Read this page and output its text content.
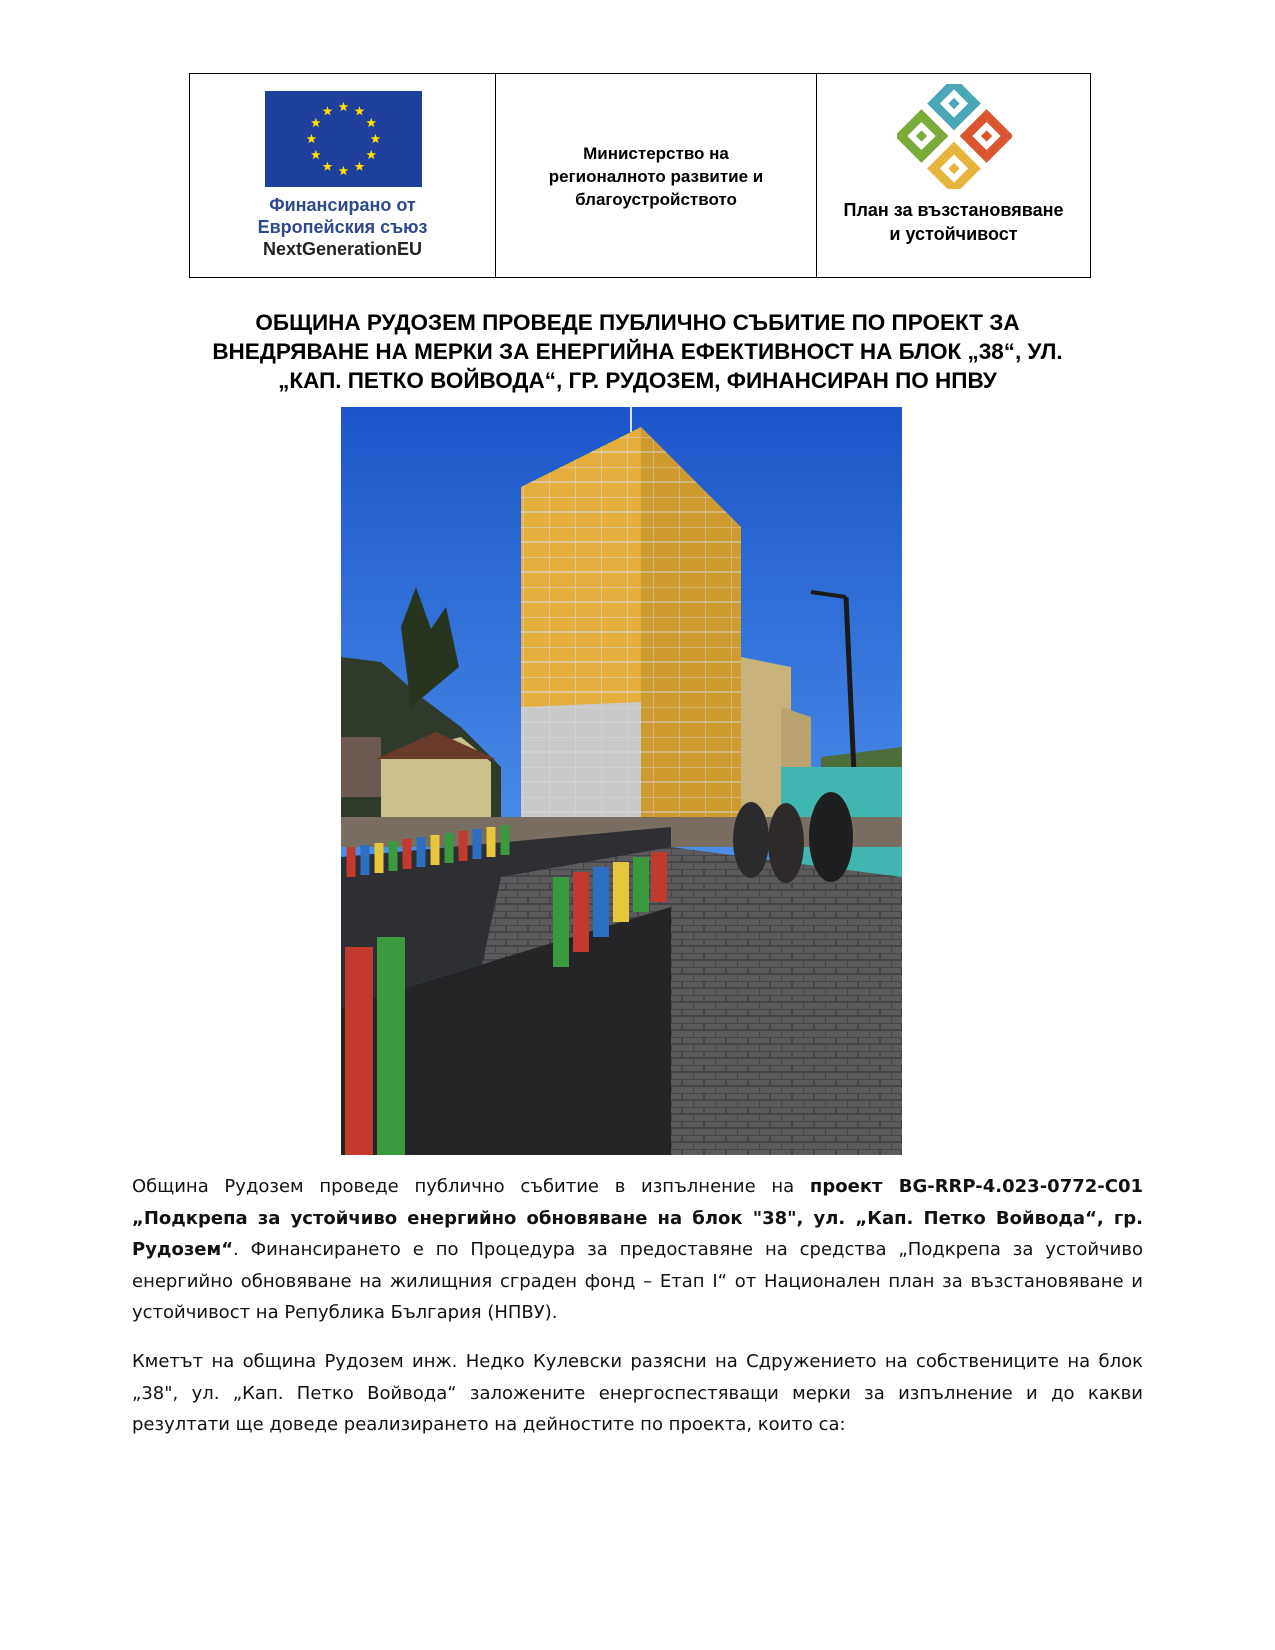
Финансирано от
Европейския съюз
NextGenerationEU
Министерство на
регионалното развитие и
благоустройството
План за възстановяване
и устойчивост
ОБЩИНА РУДОЗЕМ ПРОВЕДЕ ПУБЛИЧНО СЪБИТИЕ ПО ПРОЕКТ ЗА
ВНЕДРЯВАНЕ НА МЕРКИ ЗА ЕНЕРГИЙНА ЕФЕКТИВНОСТ НА БЛОК „38“, УЛ.
„КАП. ПЕТКО ВОЙВОДА“, ГР. РУДОЗЕМ, ФИНАНСИРАН ПО НПВУ

Община Рудозем проведе публично събитие в изпълнение на проект BG-RRP-4.023-0772-C01 „Подкрепа за устойчиво енергийно обновяване на блок "38", ул. „Кап. Петко Войвода“, гр. Рудозем“. Финансирането е по Процедура за предоставяне на средства „Подкрепа за устойчиво енергийно обновяване на жилищния сграден фонд – Етап I“ от Национален план за възстановяване и устойчивост на Република България (НПВУ).

Кметът на община Рудозем инж. Недко Кулевски разясни на Сдружението на собствениците на блок „38", ул. „Кап. Петко Войвода“ заложените енергоспестяващи мерки за изпълнение и до какви резултати ще доведе реализирането на дейностите по проекта, които са:
